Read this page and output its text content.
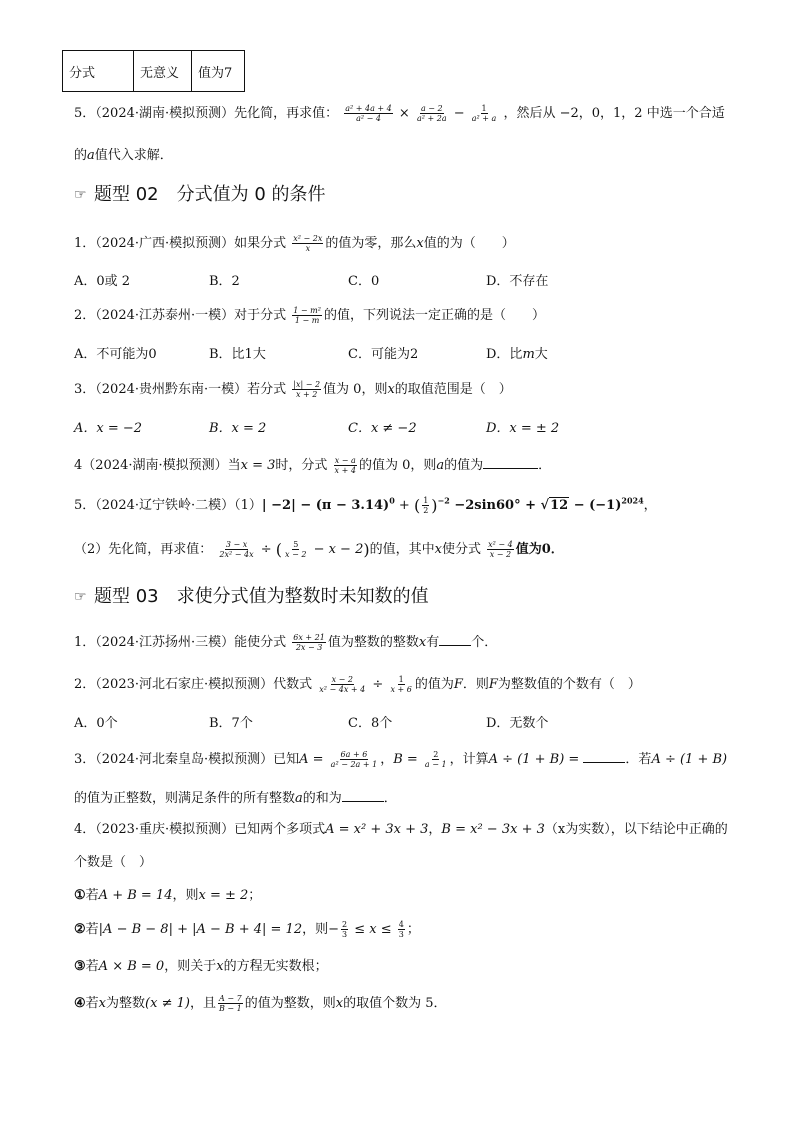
分式	无意义	值为7
5．（2024·湖南·模拟预测）先化简，再求值： $\frac{\text{a² + 4a + 4}}{\text{a² − 4}} \times \frac{a - 2}{\text{a² + 2a}} - \frac{1}{\text{a² + a}}$ ，然后从 −2，0，1，2 中选一个合适
的a值代入求解．
☞ 题型 02　分式值为 0 的条件
1．（2024·广西·模拟预测）如果分式 $\frac{\text{x² − 2x}}{x}$ 的值为零，那么x值的为（　　）
A．0或 2	B．2	C．0	D．不存在
2．（2024·江苏泰州·一模）对于分式 $\frac{\text{1 − m²}}{1 - m}$ 的值，下列说法一定正确的是（　　）
A．不可能为0	B．比1大	C．可能为2	D．比m大
3．（2024·贵州黔东南·一模）若分式 $\frac{|x| - 2}{x + 2}$ 值为 0，则x的取值范围是（　）
A．x = −2	B．x = 2	C．x ≠ −2	D．x = ± 2
4（2024·湖南·模拟预测）当x = 3时，分式 $\frac{x - a}{x + 4}$ 的值为 0，则a的值为	．
5．（2024·辽宁铁岭·二模）$(1)| -2| - (\pi - 3.14)^0$ + ( $\frac{1}{2} )^{-2} -2\sin 60^\circ + √12 - (-1)^{2024}$，
（2）先化简，再求值： $\frac{3 - x}{\text{2x² − 4x}}$ ÷ ( $\frac{5}{x - 2} - x - 2$)的值，其中x使分式 $\frac{\text{x² − 4}}{x - 2}$ 值为0．
☞ 题型 03　求使分式值为整数时未知数的值
1．（2024·江苏扬州·三模）能使分式 $\frac{6x + 21}{2x - 3}$ 值为整数的整数x有 个．
2．（2023·河北石家庄·模拟预测）代数式 $\frac{x - 2}{\text{x² − 4x + 4}} \div \frac{1}{x + 6}$ 的值为F．则F为整数值的个数有（　）
A．0个	B．7个	C．8个	D．无数个
3．（2024·河北秦皇岛·模拟预测）已知$A = \frac{6a + 6}{\text{a² − 2a + 1}}$ ，$B = \frac{2}{a - 1}$ ，计算A ÷ (1 + B) =	．若A ÷ (1 + B)
的值为正整数，则满足条件的所有整数a的和为	．
4．（2023·重庆·模拟预测）已知两个多项式A = x² + 3x + 3，B = x² − 3x + 3（x为实数），以下结论中正确的
个数是（　）
①若A + B = 14，则x = ± 2；
②若|A − B − 8| + |A − B + 4| = 12，则− $\frac{2}{3} \le x \le \frac{4}{3}$ ；
③若A × B = 0，则关于x的方程无实数根；
④若x为整数(x ≠ 1)，且 $\frac{A - 7}{B - 1}$ 的值为整数，则x的取值个数为 5．
